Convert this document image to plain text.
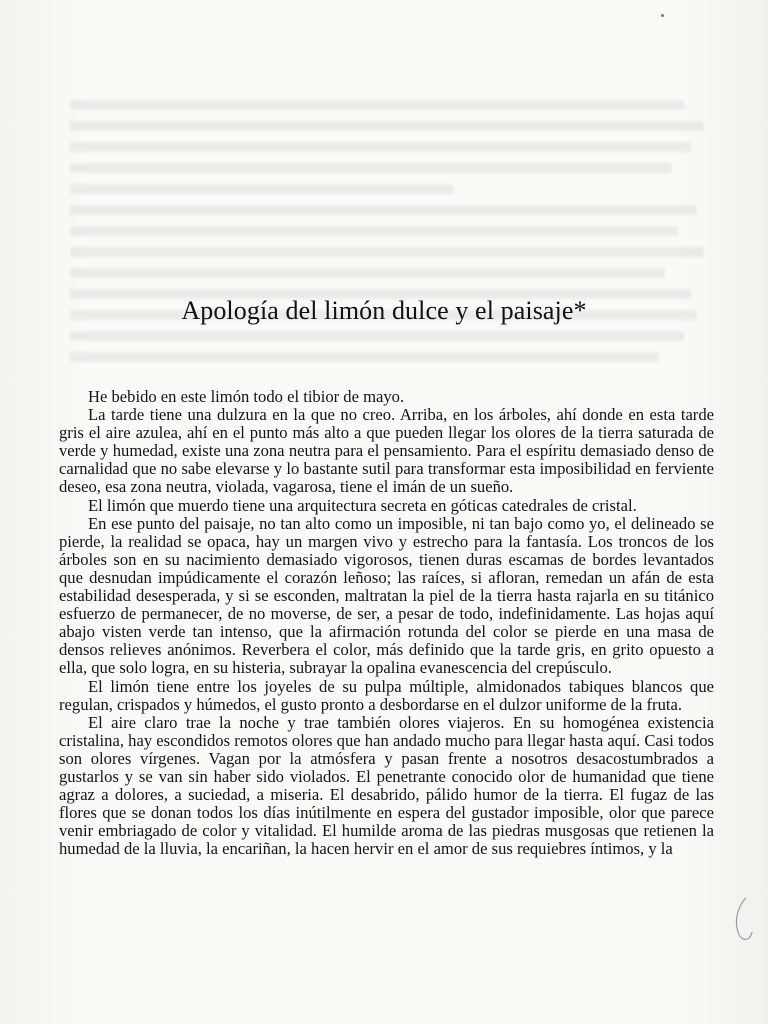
Apología del limón dulce y el paisaje*

He bebido en este limón todo el tibior de mayo.

La tarde tiene una dulzura en la que no creo. Arriba, en los árboles, ahí donde en esta tarde gris el aire azulea, ahí en el punto más alto a que pueden llegar los olores de la tierra saturada de verde y humedad, existe una zona neutra para el pensamiento. Para el espíritu demasiado denso de carnalidad que no sabe elevarse y lo bastante sutil para transformar esta imposibilidad en ferviente deseo, esa zona neutra, violada, vagarosa, tiene el imán de un sueño.

El limón que muerdo tiene una arquitectura secreta en góticas catedrales de cristal.

En ese punto del paisaje, no tan alto como un imposible, ni tan bajo como yo, el delineado se pierde, la realidad se opaca, hay un margen vivo y estrecho para la fantasía. Los troncos de los árboles son en su nacimiento demasiado vigorosos, tienen duras escamas de bordes levantados que desnudan impúdicamente el corazón leñoso; las raíces, si afloran, remedan un afán de esta estabilidad desesperada, y si se esconden, maltratan la piel de la tierra hasta rajarla en su titánico esfuerzo de permanecer, de no moverse, de ser, a pesar de todo, indefinidamente. Las hojas aquí abajo visten verde tan intenso, que la afirmación rotunda del color se pierde en una masa de densos relieves anónimos. Reverbera el color, más definido que la tarde gris, en grito opuesto a ella, que solo logra, en su histeria, subrayar la opalina evanescencia del crepúsculo.

El limón tiene entre los joyeles de su pulpa múltiple, almidonados tabiques blancos que regulan, crispados y húmedos, el gusto pronto a desbordarse en el dulzor uniforme de la fruta.

El aire claro trae la noche y trae también olores viajeros. En su homogénea existencia cristalina, hay escondidos remotos olores que han andado mucho para llegar hasta aquí. Casi todos son olores vírgenes. Vagan por la atmósfera y pasan frente a nosotros desacostumbrados a gustarlos y se van sin haber sido violados. El penetrante conocido olor de humanidad que tiene agraz a dolores, a suciedad, a miseria. El desabrido, pálido humor de la tierra. El fugaz de las flores que se donan todos los días inútilmente en espera del gustador imposible, olor que parece venir embriagado de color y vitalidad. El humilde aroma de las piedras musgosas que retienen la humedad de la lluvia, la encariñan, la hacen hervir en el amor de sus requiebres íntimos, y la
